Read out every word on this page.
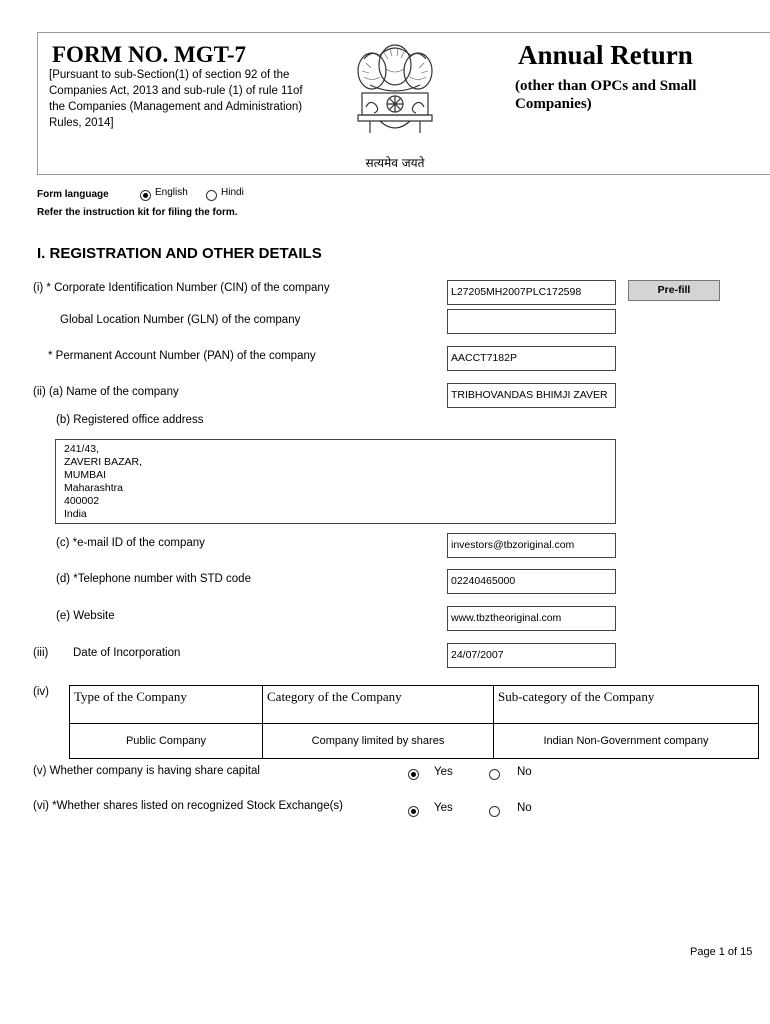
FORM NO. MGT-7
[Pursuant to sub-Section(1) of section 92 of the Companies Act, 2013 and sub-rule (1) of rule 11of the Companies (Management and Administration) Rules, 2014]
सत्यमेव जयते
Annual Return
(other than OPCs and Small Companies)
Form language	English	Hindi
Refer the instruction kit for filing the form.
I. REGISTRATION AND OTHER DETAILS
(i) * Corporate Identification Number (CIN) of the company	L27205MH2007PLC172598	Pre-fill
Global Location Number (GLN) of the company
* Permanent Account Number (PAN) of the company	AACCT7182P
(ii) (a) Name of the company	TRIBHOVANDAS BHIMJI ZAVER
(b) Registered office address
241/43,
ZAVERI BAZAR,
MUMBAI
Maharashtra
400002
India
(c) *e-mail ID of the company	investors@tbzoriginal.com
(d) *Telephone number with STD code	02240465000
(e) Website	www.tbztheoriginal.com
(iii) Date of Incorporation	24/07/2007
(iv) Type of the Company	Category of the Company	Sub-category of the Company
Public Company	Company limited by shares	Indian Non-Government company
(v) Whether company is having share capital	Yes	No
(vi) *Whether shares listed on recognized Stock Exchange(s)	Yes	No
Page 1 of 15
